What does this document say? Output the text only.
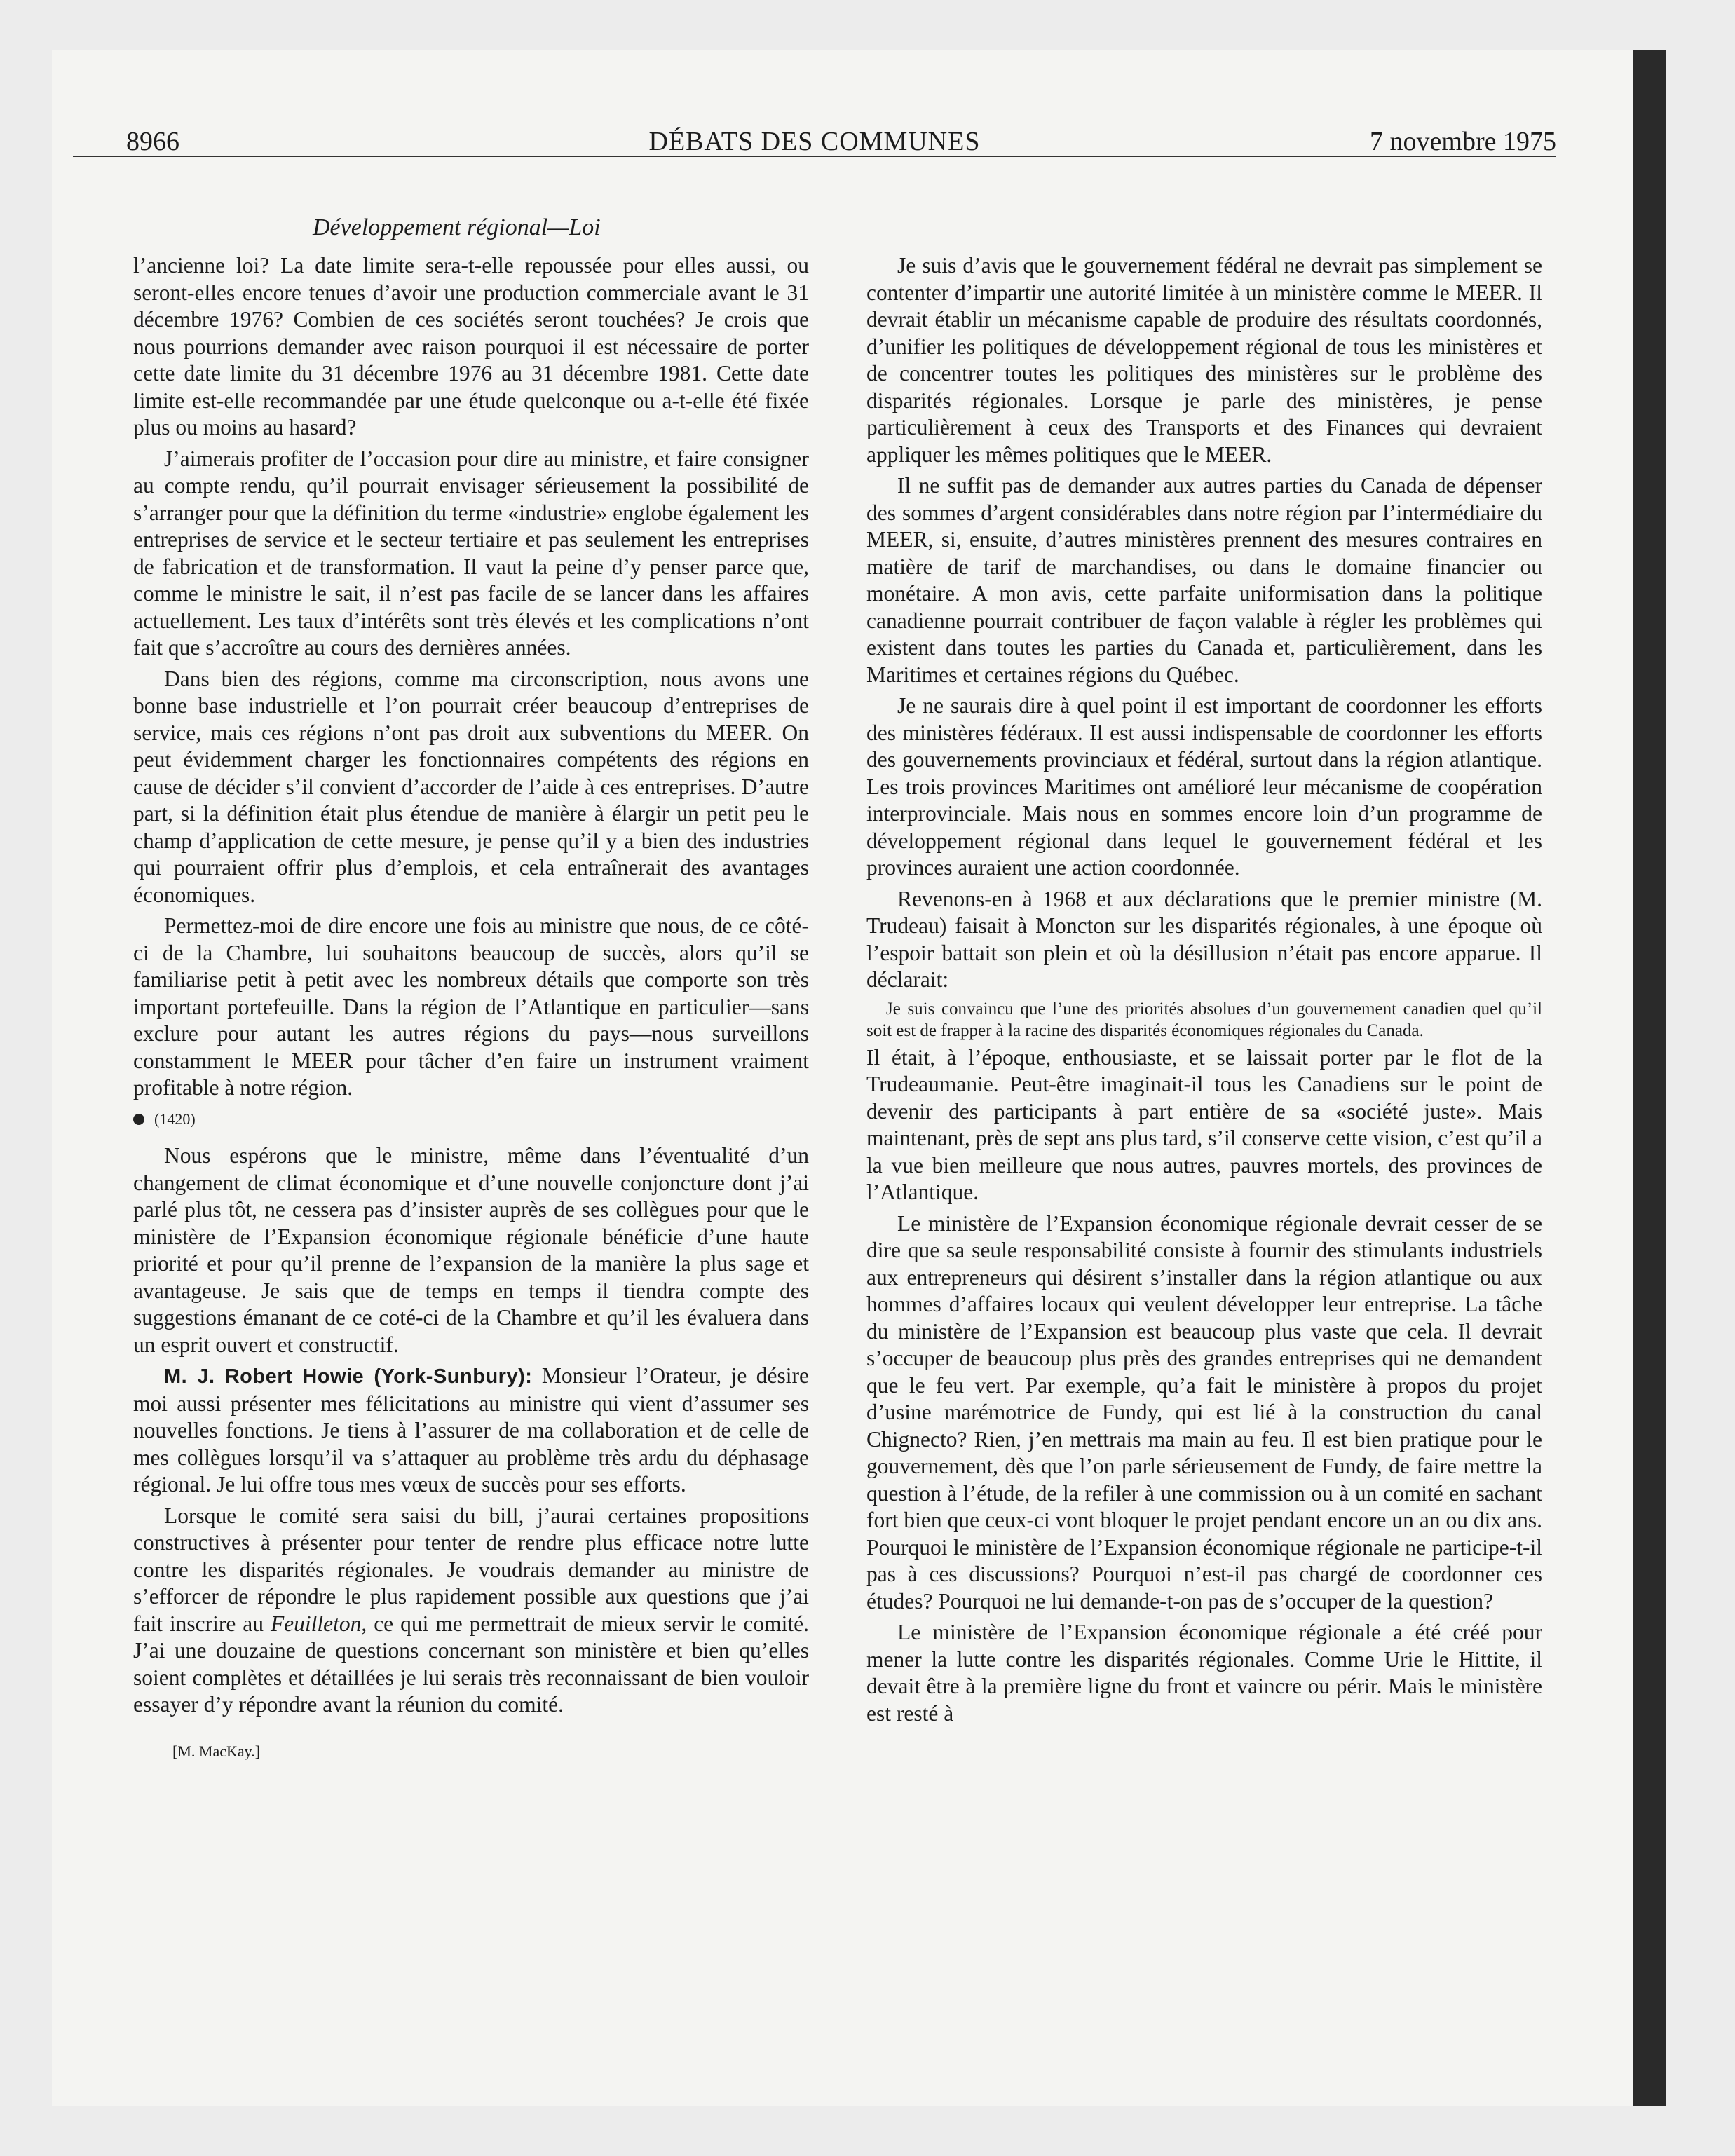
8966	DÉBATS DES COMMUNES	7 novembre 1975
Développement régional—Loi

l’ancienne loi? La date limite sera-t-elle repoussée pour elles aussi, ou seront-elles encore tenues d’avoir une production commerciale avant le 31 décembre 1976? Combien de ces sociétés seront touchées? Je crois que nous pourrions demander avec raison pourquoi il est nécessaire de porter cette date limite du 31 décembre 1976 au 31 décembre 1981. Cette date limite est-elle recommandée par une étude quelconque ou a-t-elle été fixée plus ou moins au hasard?

J’aimerais profiter de l’occasion pour dire au ministre, et faire consigner au compte rendu, qu’il pourrait envisager sérieusement la possibilité de s’arranger pour que la définition du terme «industrie» englobe également les entreprises de service et le secteur tertiaire et pas seulement les entreprises de fabrication et de transformation. Il vaut la peine d’y penser parce que, comme le ministre le sait, il n’est pas facile de se lancer dans les affaires actuellement. Les taux d’intérêts sont très élevés et les complications n’ont fait que s’accroître au cours des dernières années.

Dans bien des régions, comme ma circonscription, nous avons une bonne base industrielle et l’on pourrait créer beaucoup d’entreprises de service, mais ces régions n’ont pas droit aux subventions du MEER. On peut évidemment charger les fonctionnaires compétents des régions en cause de décider s’il convient d’accorder de l’aide à ces entreprises. D’autre part, si la définition était plus étendue de manière à élargir un petit peu le champ d’application de cette mesure, je pense qu’il y a bien des industries qui pourraient offrir plus d’emplois, et cela entraînerait des avantages économiques.

Permettez-moi de dire encore une fois au ministre que nous, de ce côté-ci de la Chambre, lui souhaitons beaucoup de succès, alors qu’il se familiarise petit à petit avec les nombreux détails que comporte son très important portefeuille. Dans la région de l’Atlantique en particulier—sans exclure pour autant les autres régions du pays—nous surveillons constamment le MEER pour tâcher d’en faire un instrument vraiment profitable à notre région.

(1420)

Nous espérons que le ministre, même dans l’éventualité d’un changement de climat économique et d’une nouvelle conjoncture dont j’ai parlé plus tôt, ne cessera pas d’insister auprès de ses collègues pour que le ministère de l’Expansion économique régionale bénéficie d’une haute priorité et pour qu’il prenne de l’expansion de la manière la plus sage et avantageuse. Je sais que de temps en temps il tiendra compte des suggestions émanant de ce coté-ci de la Chambre et qu’il les évaluera dans un esprit ouvert et constructif.

M. J. Robert Howie (York-Sunbury): Monsieur l’Orateur, je désire moi aussi présenter mes félicitations au ministre qui vient d’assumer ses nouvelles fonctions. Je tiens à l’assurer de ma collaboration et de celle de mes collègues lorsqu’il va s’attaquer au problème très ardu du déphasage régional. Je lui offre tous mes vœux de succès pour ses efforts.

Lorsque le comité sera saisi du bill, j’aurai certaines propositions constructives à présenter pour tenter de rendre plus efficace notre lutte contre les disparités régionales. Je voudrais demander au ministre de s’efforcer de répondre le plus rapidement possible aux questions que j’ai fait inscrire au Feuilleton, ce qui me permettrait de mieux servir le comité. J’ai une douzaine de questions concernant son ministère et bien qu’elles soient complètes et détaillées je lui serais très reconnaissant de bien vouloir essayer d’y répondre avant la réunion du comité.

[M. MacKay.]

Je suis d’avis que le gouvernement fédéral ne devrait pas simplement se contenter d’impartir une autorité limitée à un ministère comme le MEER. Il devrait établir un mécanisme capable de produire des résultats coordonnés, d’unifier les politiques de développement régional de tous les ministères et de concentrer toutes les politiques des ministères sur le problème des disparités régionales. Lorsque je parle des ministères, je pense particulièrement à ceux des Transports et des Finances qui devraient appliquer les mêmes politiques que le MEER.

Il ne suffit pas de demander aux autres parties du Canada de dépenser des sommes d’argent considérables dans notre région par l’intermédiaire du MEER, si, ensuite, d’autres ministères prennent des mesures contraires en matière de tarif de marchandises, ou dans le domaine financier ou monétaire. A mon avis, cette parfaite uniformisation dans la politique canadienne pourrait contribuer de façon valable à régler les problèmes qui existent dans toutes les parties du Canada et, particulièrement, dans les Maritimes et certaines régions du Québec.

Je ne saurais dire à quel point il est important de coordonner les efforts des ministères fédéraux. Il est aussi indispensable de coordonner les efforts des gouvernements provinciaux et fédéral, surtout dans la région atlantique. Les trois provinces Maritimes ont amélioré leur mécanisme de coopération interprovinciale. Mais nous en sommes encore loin d’un programme de développement régional dans lequel le gouvernement fédéral et les provinces auraient une action coordonnée.

Revenons-en à 1968 et aux déclarations que le premier ministre (M. Trudeau) faisait à Moncton sur les disparités régionales, à une époque où l’espoir battait son plein et où la désillusion n’était pas encore apparue. Il déclarait:

Je suis convaincu que l’une des priorités absolues d’un gouvernement canadien quel qu’il soit est de frapper à la racine des disparités économiques régionales du Canada.

Il était, à l’époque, enthousiaste, et se laissait porter par le flot de la Trudeaumanie. Peut-être imaginait-il tous les Canadiens sur le point de devenir des participants à part entière de sa «société juste». Mais maintenant, près de sept ans plus tard, s’il conserve cette vision, c’est qu’il a la vue bien meilleure que nous autres, pauvres mortels, des provinces de l’Atlantique.

Le ministère de l’Expansion économique régionale devrait cesser de se dire que sa seule responsabilité consiste à fournir des stimulants industriels aux entrepreneurs qui désirent s’installer dans la région atlantique ou aux hommes d’affaires locaux qui veulent développer leur entreprise. La tâche du ministère de l’Expansion est beaucoup plus vaste que cela. Il devrait s’occuper de beaucoup plus près des grandes entreprises qui ne demandent que le feu vert. Par exemple, qu’a fait le ministère à propos du projet d’usine marémotrice de Fundy, qui est lié à la construction du canal Chignecto? Rien, j’en mettrais ma main au feu. Il est bien pratique pour le gouvernement, dès que l’on parle sérieusement de Fundy, de faire mettre la question à l’étude, de la refiler à une commission ou à un comité en sachant fort bien que ceux-ci vont bloquer le projet pendant encore un an ou dix ans. Pourquoi le ministère de l’Expansion économique régionale ne participe-t-il pas à ces discussions? Pourquoi n’est-il pas chargé de coordonner ces études? Pourquoi ne lui demande-t-on pas de s’occuper de la question?

Le ministère de l’Expansion économique régionale a été créé pour mener la lutte contre les disparités régionales. Comme Urie le Hittite, il devait être à la première ligne du front et vaincre ou périr. Mais le ministère est resté à
